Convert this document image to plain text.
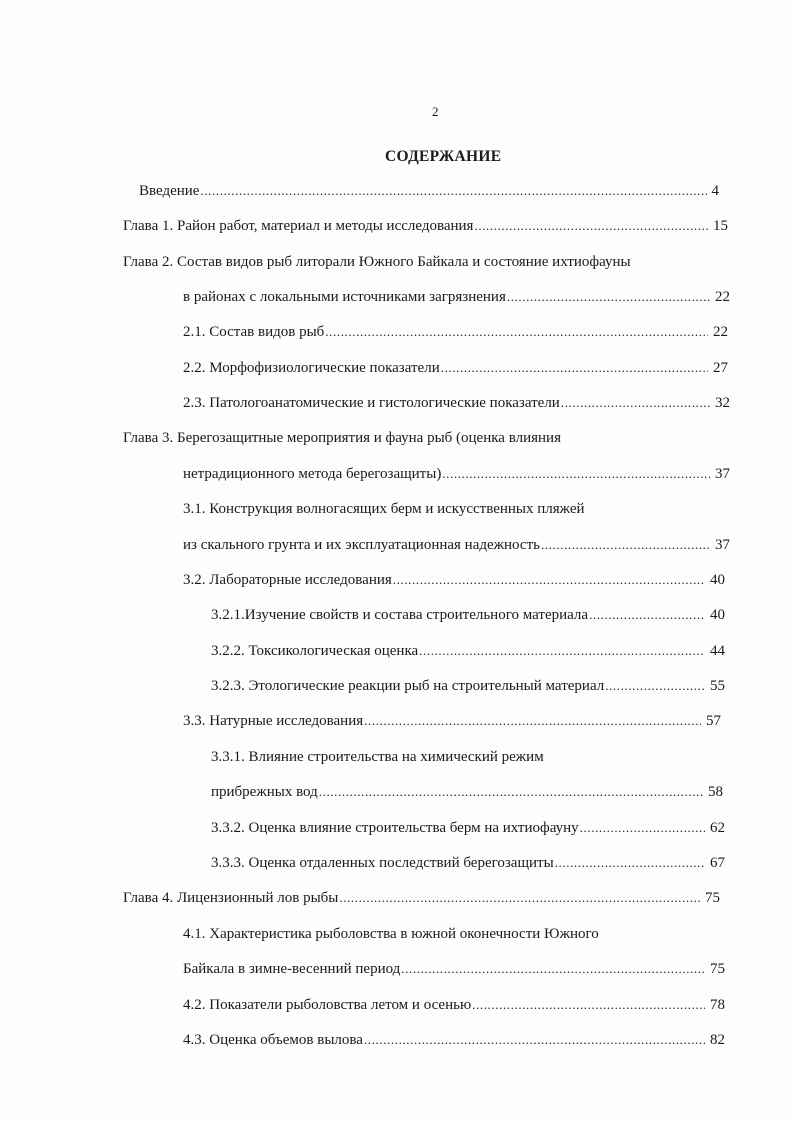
2
СОДЕРЖАНИЕ
Введение .....	4
Глава 1. Район работ, материал и методы исследования .....	15
Глава 2. Состав видов рыб литорали Южного Байкала и состояние ихтиофауны
в районах с локальными источниками загрязнения .....	22
2.1. Состав видов рыб .....	22
2.2. Морфофизиологические показатели .....	27
2.3. Патологоанатомические и гистологические показатели .....	32
Глава 3. Берегозащитные мероприятия и фауна рыб (оценка влияния
нетрадиционного метода берегозащиты) .....	37
3.1. Конструкция волногасящих берм и искусственных пляжей
из скального грунта и их эксплуатационная надежность .....	37
3.2. Лабораторные исследования .....	40
3.2.1.Изучение свойств и состава строительного материала .....	40
3.2.2. Токсикологическая оценка .....	44
3.2.3. Этологические реакции рыб на строительный материал .....	55
3.3. Натурные исследования .....	57
3.3.1. Влияние строительства на химический режим
прибрежных вод .....	58
3.3.2. Оценка влияние строительства берм на ихтиофауну .....	62
3.3.3. Оценка отдаленных последствий берегозащиты .....	67
Глава 4. Лицензионный лов рыбы .....	75
4.1. Характеристика рыболовства в южной оконечности Южного
Байкала в зимне-весенний период .....	75
4.2. Показатели рыболовства летом и осенью .....	78
4.3. Оценка объемов вылова .....	82
